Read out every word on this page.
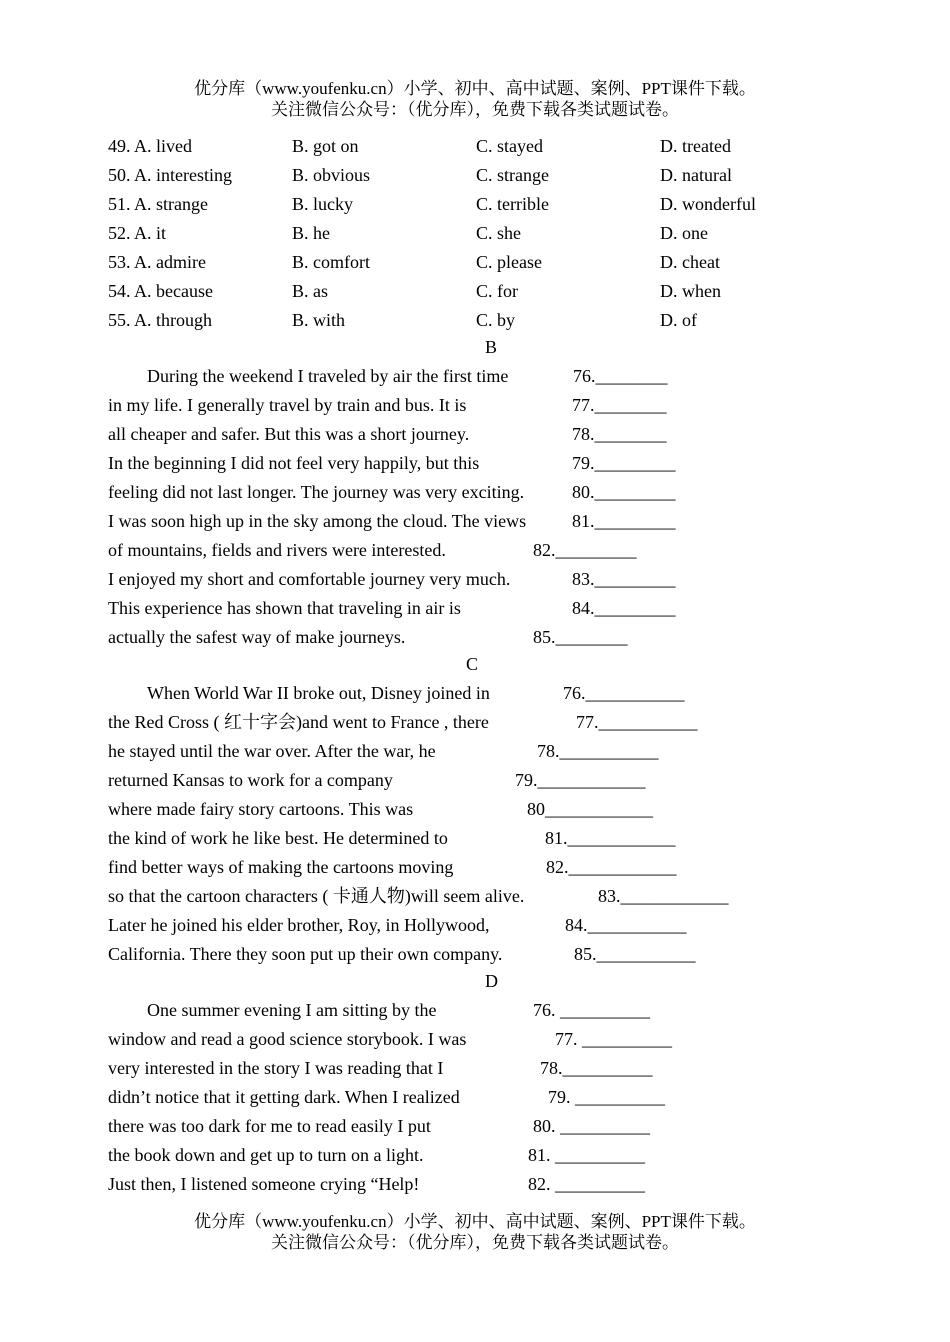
优分库（www.youfenku.cn）小学、初中、高中试题、案例、PPT课件下载。
关注微信公众号：（优分库），免费下载各类试题试卷。
49. A. lived	B. got on	C. stayed	D. treated
50. A. interesting	B. obvious	C. strange	D. natural
51. A. strange	B. lucky	C. terrible	D. wonderful
52. A. it	B. he	C. she	D. one
53. A. admire	B. comfort	C. please	D. cheat
54. A. because	B. as	C. for	D. when
55. A. through	B. with	C. by	D. of
B
During the weekend I traveled by air the first time	76.________
in my life. I generally travel by train and bus. It is	77.________
all cheaper and safer. But this was a short journey.	78.________
In the beginning I did not feel very happily, but this	79._________
feeling did not last longer. The journey was very exciting.	80._________
I was soon high up in the sky among the cloud. The views	81._________
of mountains, fields and rivers were interested.	82._________
I enjoyed my short and comfortable journey very much.	83._________
This experience has shown that traveling in air is	84._________
actually the safest way of make journeys.	85.________
C
When World War II broke out, Disney joined in	76.___________
the Red Cross ( 红十字会)and went to France , there	77.___________
he stayed until the war over. After the war, he	78.___________
returned Kansas to work for a company	79.____________
where made fairy story cartoons. This was	80____________
the kind of work he like best. He determined to	81.____________
find better ways of making the cartoons moving	82.____________
so that the cartoon characters ( 卡通人物)will seem alive.	83.____________
Later he joined his elder brother, Roy, in Hollywood,	84.___________
California. There they soon put up their own company.	85.___________
D
One summer evening I am sitting by the	76. __________
window and read a good science storybook. I was	77. __________
very interested in the story I was reading that I	78.__________
didn’t notice that it getting dark. When I realized	79. __________
there was too dark for me to read easily I put	80. __________
the book down and get up to turn on a light.	81. __________
Just then, I listened someone crying “Help!	82. __________
优分库（www.youfenku.cn）小学、初中、高中试题、案例、PPT课件下载。
关注微信公众号：（优分库），免费下载各类试题试卷。
